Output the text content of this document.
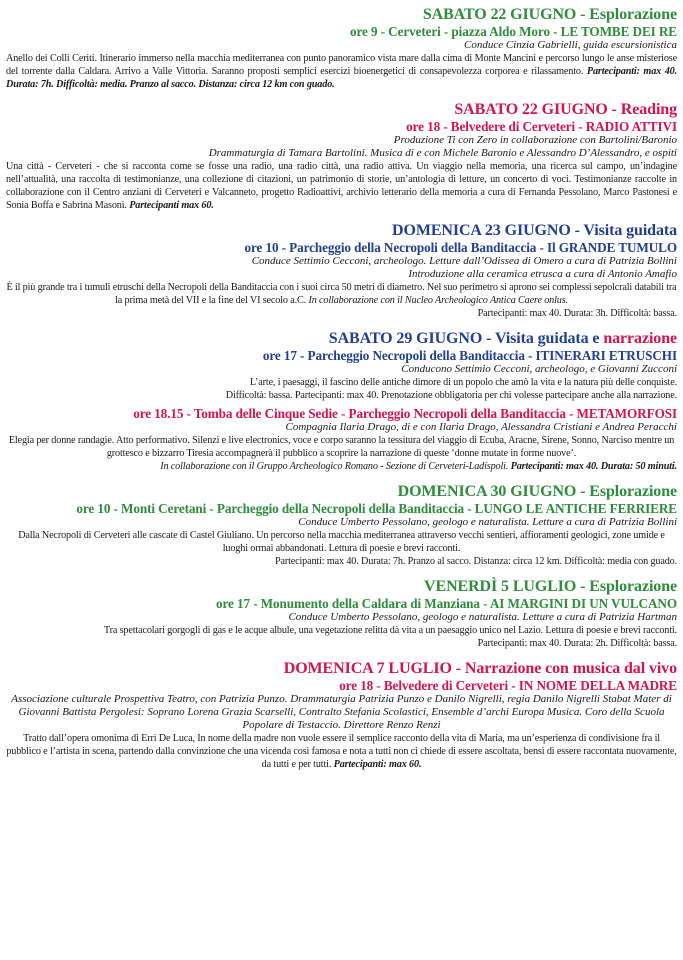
SABATO 22 GIUGNO - Esplorazione
ore 9 - Cerveteri - piazza Aldo Moro - LE TOMBE DEI RE
Conduce Cinzia Gabrielli, guida escursionistica
Anello dei Colli Ceriti. Itinerario immerso nella macchia mediterranea con punto panoramico vista mare dalla cima di Monte Mancini e percorso lungo le anse misteriose del torrente dalla Caldara. Arrivo a Valle Vittoria. Saranno proposti semplici esercizi bioenergetici di consapevolezza corporea e rilassamento. Partecipanti: max 40. Durata: 7h. Difficoltà: media. Pranzo al sacco. Distanza: circa 12 km con guado.
SABATO 22 GIUGNO - Reading
ore 18 - Belvedere di Cerveteri - RADIO ATTIVI
Produzione Ti con Zero in collaborazione con Bartolini/Baronio
Drammaturgia di Tamara Bartolini. Musica di e con Michele Baronio e Alessandro D’Alessandro, e ospiti
Una città - Cerveteri - che si racconta come se fosse una radio, una radio città, una radio attiva. Un viaggio nella memoria, una ricerca sul campo, un’indagine nell’attualità, una raccolta di testimonianze, una collezione di citazioni, un patrimonio di storie, un’antologia di letture, un concerto di voci. Testimonianze raccolte in collaborazione con il Centro anziani di Cerveteri e Valcanneto, progetto Radioattivi, archivio letterario della memoria a cura di Fernanda Pessolano, Marco Pastonesi e Sonia Boffa e Sabrina Masoni. Partecipanti max 60.
DOMENICA 23 GIUGNO - Visita guidata
ore 10 - Parcheggio della Necropoli della Banditaccia - Il GRANDE TUMULO
Conduce Settimio Cecconi, archeologo. Letture dall’Odissea di Omero a cura di Patrizia Bollini
Introduzione alla ceramica etrusca a cura di Antonio Amafio
È il più grande tra i tumuli etruschi della Necropoli della Banditaccia con i suoi circa 50 metri di diametro. Nel suo perimetro si aprono sei complessi sepolcrali databili tra la prima metà del VII e la fine del VI secolo a.C. In collaborazione con il Nucleo Archeologico Antica Caere onlus.
Partecipanti: max 40. Durata: 3h. Difficoltà: bassa.
SABATO 29 GIUGNO - Visita guidata e narrazione
ore 17 - Parcheggio Necropoli della Banditaccia - ITINERARI ETRUSCHI
Conducono Settimio Cecconi, archeologo, e Giovanni Zucconi
L’arte, i paesaggi, il fascino delle antiche dimore di un popolo che amò la vita e la natura più delle conquiste.
Difficoltà: bassa. Partecipanti: max 40. Prenotazione obbligatoria per chi volesse partecipare anche alla narrazione.
ore 18.15 - Tomba delle Cinque Sedie - Parcheggio Necropoli della Banditaccia - METAMORFOSI
Compagnia Ilaria Drago, di e con Ilaria Drago, Alessandra Cristiani e Andrea Peracchi
Elegia per donne randagie. Atto performativo. Silenzi e live electronics, voce e corpo saranno la tessitura del viaggio di Ecuba, Aracne, Sirene, Sonno, Narciso mentre un grottesco e bizzarro Tiresia accompagnerà il pubblico a scoprire la narrazione di queste ‘donne mutate in forme nuove’.
In collaborazione con il Gruppo Archeologico Romano - Sezione di Cerveteri-Ladispoli. Partecipanti: max 40. Durata: 50 minuti.
DOMENICA 30 GIUGNO - Esplorazione
ore 10 - Monti Ceretani - Parcheggio della Necropoli della Banditaccia - LUNGO LE ANTICHE FERRIERE
Conduce Umberto Pessolano, geologo e naturalista. Letture a cura di Patrizia Bollini
Dalla Necropoli di Cerveteri alle cascate di Castel Giuliano. Un percorso nella macchia mediterranea attraverso vecchi sentieri, affioramenti geologici, zone umide e luoghi ormai abbandonati. Lettura di poesie e brevi racconti.
Partecipanti: max 40. Durata: 7h. Pranzo al sacco. Distanza: circa 12 km. Difficoltà: media con guado.
VENERDÌ 5 LUGLIO - Esplorazione
ore 17 - Monumento della Caldara di Manziana - AI MARGINI DI UN VULCANO
Conduce Umberto Pessolano, geologo e naturalista. Letture a cura di Patrizia Hartman
Tra spettacolari gorgogli di gas e le acque albule, una vegetazione relitta dà vita a un paesaggio unico nel Lazio. Lettura di poesie e brevi racconti.
Partecipanti: max 40. Durata: 2h. Difficoltà: bassa.
DOMENICA 7 LUGLIO - Narrazione con musica dal vivo
ore 18 - Belvedere di Cerveteri - IN NOME DELLA MADRE
Associazione culturale Prospettiva Teatro, con Patrizia Punzo. Drammaturgia Patrizia Punzo e Danilo Nigrelli, regia Danilo Nigrelli Stabat Mater di Giovanni Battista Pergolesi: Soprano Lorena Grazia Scarselli, Contralto Stefania Scolastici, Ensemble d’archi Europa Musica. Coro della Scuola Popolare di Testaccio. Direttore Renzo Renzi
Tratto dall’opera omonima di Erri De Luca, In nome della madre non vuole essere il semplice racconto della vita di Maria, ma un’esperienza di condivisione fra il pubblico e l’artista in scena, partendo dalla convinzione che una vicenda così famosa e nota a tutti non ci chiede di essere ascoltata, bensì di essere raccontata nuovamente, da tutti e per tutti. Partecipanti: max 60.
